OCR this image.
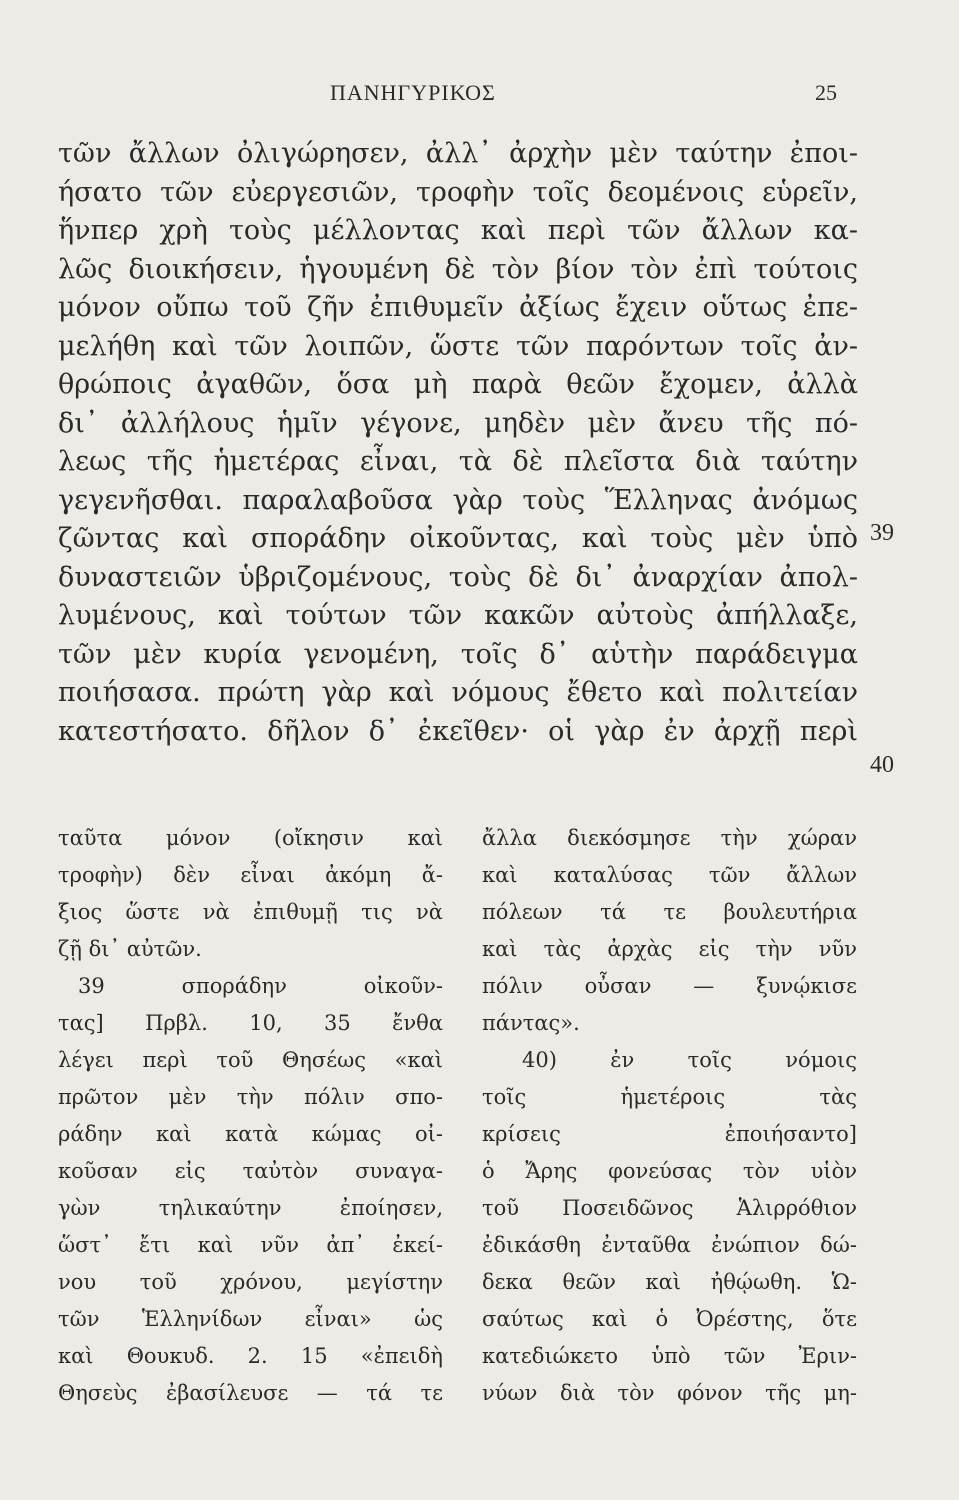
ΠΑΝΗΓΥΡΙΚΟΣ	25
τῶν ἄλλων ὀλιγώρησεν, ἀλλ᾽ ἀρχὴν μὲν ταύτην ἐποι-
ήσατο τῶν εὐεργεσιῶν, τροφὴν τοῖς δεομένοις εὑρεῖν,
ἥνπερ χρὴ τοὺς μέλλοντας καὶ περὶ τῶν ἄλλων κα-
λῶς διοικήσειν, ἡγουμένη δὲ τὸν βίον τὸν ἐπὶ τούτοις
μόνον οὔπω τοῦ ζῆν ἐπιθυμεῖν ἀξίως ἔχειν οὕτως ἐπε-
μελήθη καὶ τῶν λοιπῶν, ὥστε τῶν παρόντων τοῖς ἀν-
θρώποις ἀγαθῶν, ὅσα μὴ παρὰ θεῶν ἔχομεν, ἀλλὰ
δι᾽ ἀλλήλους ἡμῖν γέγονε, μηδὲν μὲν ἄνευ τῆς πό-
λεως τῆς ἡμετέρας εἶναι, τὰ δὲ πλεῖστα διὰ ταύτην
γεγενῆσθαι. παραλαβοῦσα γὰρ τοὺς Ἕλληνας ἀνόμως
ζῶντας καὶ σποράδην οἰκοῦντας, καὶ τοὺς μὲν ὑπὸ
δυναστειῶν ὑβριζομένους, τοὺς δὲ δι᾽ ἀναρχίαν ἀπολ-
λυμένους, καὶ τούτων τῶν κακῶν αὐτοὺς ἀπήλλαξε,
τῶν μὲν κυρία γενομένη, τοῖς δ᾽ αὑτὴν παράδειγμα
ποιήσασα. πρώτη γὰρ καὶ νόμους ἔθετο καὶ πολιτείαν
κατεστήσατο. δῆλον δ᾽ ἐκεῖθεν· οἱ γὰρ ἐν ἀρχῇ περὶ
39
40
ταῦτα μόνον (οἴκησιν καὶ
τροφὴν) δὲν εἶναι ἀκόμη ἄ-
ξιος ὥστε νὰ ἐπιθυμῇ τις νὰ
ζῇ δι᾽ αὐτῶν.
39 σποράδην οἰκοῦν-
τας] Πρβλ. 10, 35 ἔνθα
λέγει περὶ τοῦ Θησέως «καὶ
πρῶτον μὲν τὴν πόλιν σπο-
ράδην καὶ κατὰ κώμας οἰ-
κοῦσαν εἰς ταὐτὸν συναγα-
γὼν τηλικαύτην ἐποίησεν,
ὥστ᾽ ἔτι καὶ νῦν ἀπ᾽ ἐκεί-
νου τοῦ χρόνου, μεγίστην
τῶν Ἑλληνίδων εἶναι» ὡς
καὶ Θουκυδ. 2. 15 «ἐπειδὴ
Θησεὺς ἐβασίλευσε — τά τε
ἄλλα διεκόσμησε τὴν χώραν
καὶ καταλύσας τῶν ἄλλων
πόλεων τά τε βουλευτήρια
καὶ τὰς ἀρχὰς εἰς τὴν νῦν
πόλιν οὖσαν — ξυνῴκισε
πάντας».
40) ἐν τοῖς νόμοις
τοῖς ἡμετέροις τὰς
κρίσεις ἐποιήσαντο]
ὁ Ἄρης φονεύσας τὸν υἱὸν
τοῦ Ποσειδῶνος Ἁλιρρόθιον
ἐδικάσθη ἐνταῦθα ἐνώπιον δώ-
δεκα θεῶν καὶ ἠθῴωθη. Ὡ-
σαύτως καὶ ὁ Ὀρέστης, ὅτε
κατεδιώκετο ὑπὸ τῶν Ἐριν-
νύων διὰ τὸν φόνον τῆς μη-
